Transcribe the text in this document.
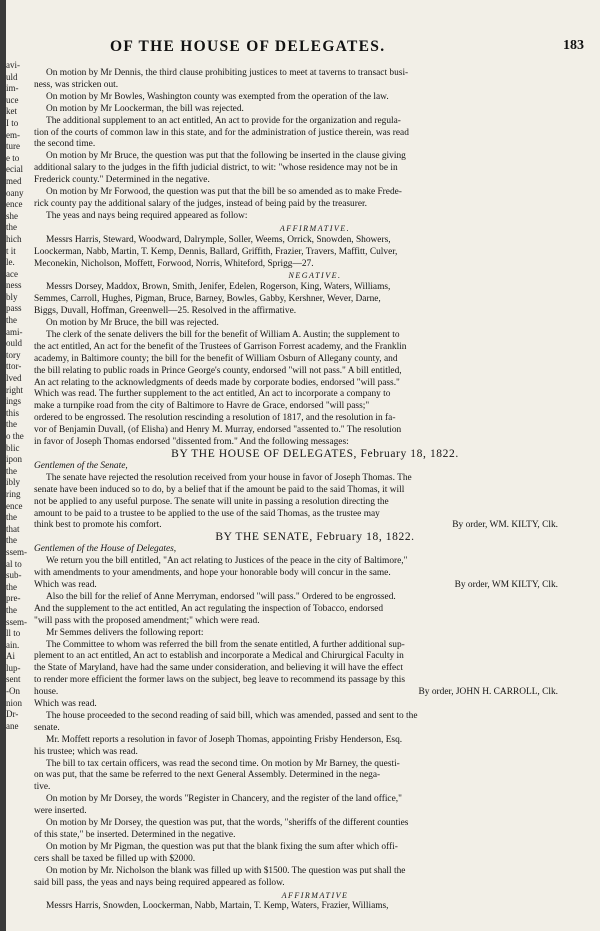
avi-
uld
im-
uce
ket
I to
em-
ture
e to
ecial
med
oany
ence
she
the
hich
t it
le.
ace
ness
bly
pass
the
ami-
ould
tory
ttor-
lved
right
ings
this
the
o the
blic
ipon
the
ibly
ring
ence
the
that
the
ssem-
al to
sub-
the
pre-
the
ssem-
ll to
ain.
Ai
lup-
sent
-On
nion
Dr-
ane
OF THE HOUSE OF DELEGATES.	183

On motion by Mr Dennis, the third clause prohibiting justices to meet at taverns to transact busi-

ness, was stricken out.

On motion by Mr Bowles, Washington county was exempted from the operation of the law.

On motion by Mr Loockerman, the bill was rejected.

The additional supplement to an act entitled, An act to provide for the organization and regula-

tion of the courts of common law in this state, and for the administration of justice therein, was read

the second time.

On motion by Mr Bruce, the question was put that the following be inserted in the clause giving

additional salary to the judges in the fifth judicial district, to wit: "whose residence may not be in

Frederick county." Determined in the negative.

On motion by Mr Forwood, the question was put that the bill be so amended as to make Frede-

rick county pay the additional salary of the judges, instead of being paid by the treasurer.

The yeas and nays being required appeared as follow:

AFFIRMATIVE.

Messrs Harris, Steward, Woodward, Dalrymple, Soller, Weems, Orrick, Snowden, Showers,

Loockerman, Nabb, Martin, T. Kemp, Dennis, Ballard, Griffith, Frazier, Travers, Maffitt, Culver,

Meconekin, Nicholson, Moffett, Forwood, Norris, Whiteford, Sprigg—27.

NEGATIVE.

Messrs Dorsey, Maddox, Brown, Smith, Jenifer, Edelen, Rogerson, King, Waters, Williams,

Semmes, Carroll, Hughes, Pigman, Bruce, Barney, Bowles, Gabby, Kershner, Wever, Darne,

Biggs, Duvall, Hoffman, Greenwell—25. Resolved in the affirmative.

On motion by Mr Bruce, the bill was rejected.

The clerk of the senate delivers the bill for the benefit of William A. Austin; the supplement to

the act entitled, An act for the benefit of the Trustees of Garrison Forrest academy, and the Franklin

academy, in Baltimore county; the bill for the benefit of William Osburn of Allegany county, and

the bill relating to public roads in Prince George's county, endorsed "will not pass." A bill entitled,

An act relating to the acknowledgments of deeds made by corporate bodies, endorsed "will pass."

Which was read. The further supplement to the act entitled, An act to incorporate a company to

make a turnpike road from the city of Baltimore to Havre de Grace, endorsed "will pass;"

ordered to be engrossed. The resolution rescinding a resolution of 1817, and the resolution in fa-

vor of Benjamin Duvall, (of Elisha) and Henry M. Murray, endorsed "assented to." The resolution

in favor of Joseph Thomas endorsed "dissented from." And the following messages:

BY THE HOUSE OF DELEGATES, February 18, 1822.

Gentlemen of the Senate,

The senate have rejected the resolution received from your house in favor of Joseph Thomas. The

senate have been induced so to do, by a belief that if the amount be paid to the said Thomas, it will

not be applied to any useful purpose. The senate will unite in passing a resolution directing the

amount to be paid to a trustee to be applied to the use of the said Thomas, as the trustee may

think best to promote his comfort.	By order, WM. KILTY, Clk.

BY THE SENATE, February 18, 1822.

Gentlemen of the House of Delegates,

We return you the bill entitled, "An act relating to Justices of the peace in the city of Baltimore,"

with amendments to your amendments, and hope your honorable body will concur in the same.

Which was read.	By order, WM KILTY, Clk.

Also the bill for the relief of Anne Merryman, endorsed "will pass." Ordered to be engrossed.

And the supplement to the act entitled, An act regulating the inspection of Tobacco, endorsed

"will pass with the proposed amendment;" which were read.

Mr Semmes delivers the following report:

The Committee to whom was referred the bill from the senate entitled, A further additional sup-

plement to an act entitled, An act to establish and incorporate a Medical and Chirurgical Faculty in

the State of Maryland, have had the same under consideration, and believing it will have the effect

to render more efficient the former laws on the subject, beg leave to recommend its passage by this

house.	By order, JOHN H. CARROLL, Clk.

Which was read.

The house proceeded to the second reading of said bill, which was amended, passed and sent to the

senate.

Mr. Moffett reports a resolution in favor of Joseph Thomas, appointing Frisby Henderson, Esq.

his trustee; which was read.

The bill to tax certain officers, was read the second time. On motion by Mr Barney, the questi-

on was put, that the same be referred to the next General Assembly. Determined in the nega-

tive.

On motion by Mr Dorsey, the words "Register in Chancery, and the register of the land office,"

were inserted.

On motion by Mr Dorsey, the question was put, that the words, "sheriffs of the different counties

of this state," be inserted. Determined in the negative.

On motion by Mr Pigman, the question was put that the blank fixing the sum after which offi-

cers shall be taxed be filled up with $2000.

On motion by Mr. Nicholson the blank was filled up with $1500. The question was put shall the

said bill pass, the yeas and nays being required appeared as follow.

AFFIRMATIVE

Messrs Harris, Snowden, Loockerman, Nabb, Martain, T. Kemp, Waters, Frazier, Williams,
